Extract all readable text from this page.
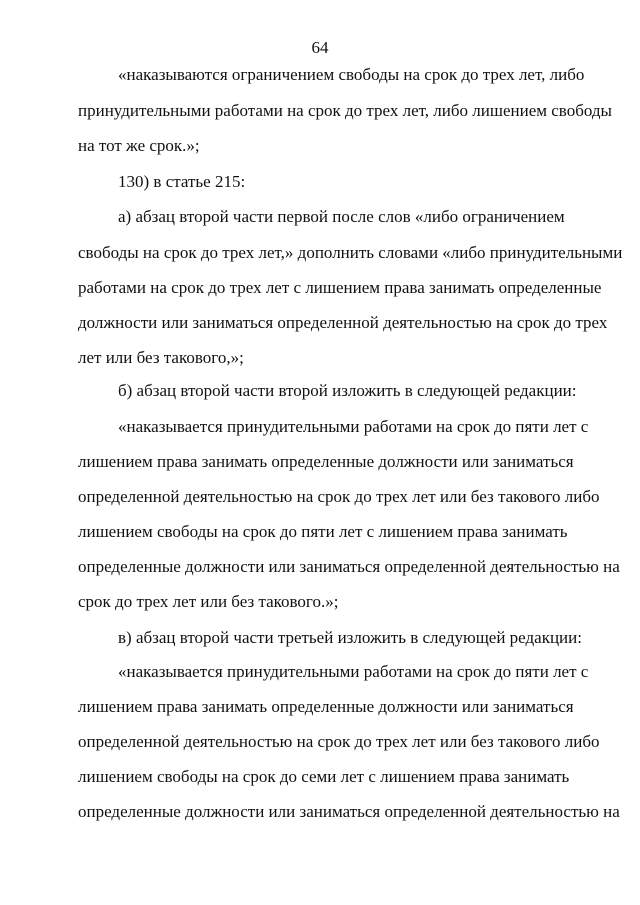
64
«наказываются ограничением свободы на срок до трех лет, либо
принудительными работами на срок до трех лет, либо лишением свободы
на тот же срок.»;
130) в статье 215:
а) абзац второй части первой после слов «либо ограничением
свободы на срок до трех лет,» дополнить словами «либо принудительными
работами на срок до трех лет с лишением права занимать определенные
должности или заниматься определенной деятельностью на срок до трех
лет или без такового,»;
б) абзац второй части второй изложить в следующей редакции:
«наказывается принудительными работами на срок до пяти лет с
лишением права занимать определенные должности или заниматься
определенной деятельностью на срок до трех лет или без такового либо
лишением свободы на срок до пяти лет с лишением права занимать
определенные должности или заниматься определенной деятельностью на
срок до трех лет или без такового.»;
в) абзац второй части третьей изложить в следующей редакции:
«наказывается принудительными работами на срок до пяти лет с
лишением права занимать определенные должности или заниматься
определенной деятельностью на срок до трех лет или без такового либо
лишением свободы на срок до семи лет с лишением права занимать
определенные должности или заниматься определенной деятельностью на
